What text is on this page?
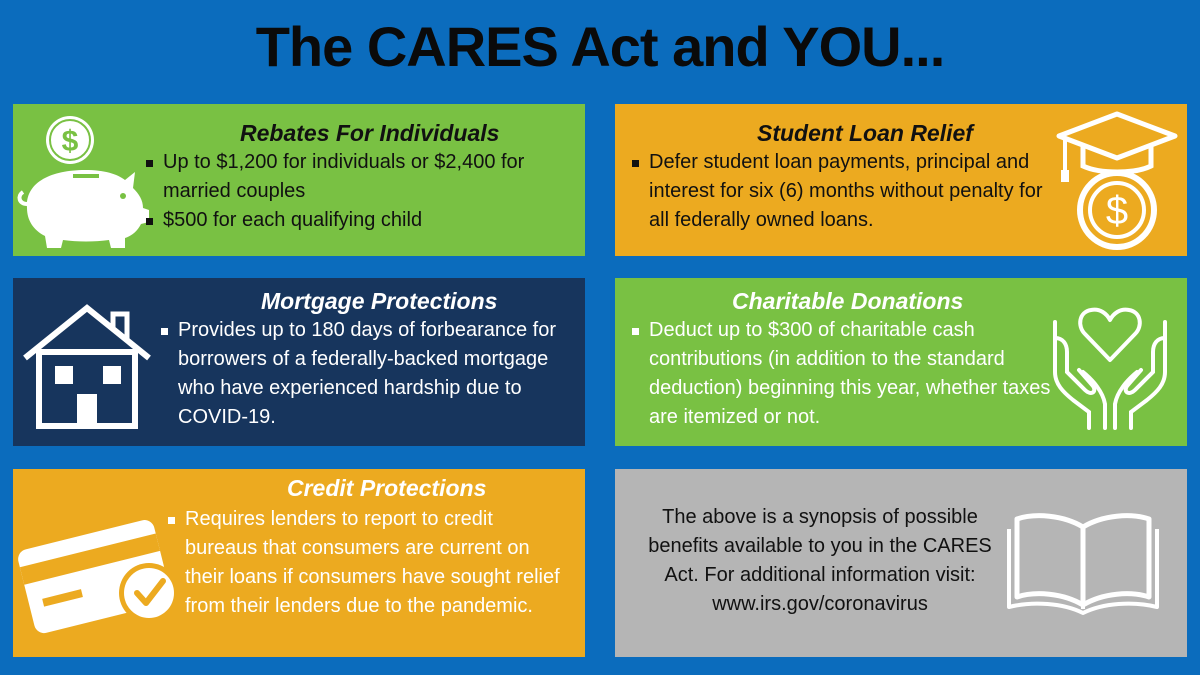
The CARES Act and YOU...
$	Rebates For Individuals
Up to $1,200 for individuals or $2,400 for married couples
$500 for each qualifying child
Student Loan Relief
Defer student loan payments, principal and interest for six (6) months without penalty for all federally owned loans.	$
Mortgage Protections
Provides up to 180 days of forbearance for borrowers of a federally-backed mortgage who have experienced hardship due to COVID-19.
Charitable Donations
Deduct up to $300 of charitable cash contributions (in addition to the standard deduction) beginning this year, whether taxes are itemized or not.
Credit Protections
Requires lenders to report to credit bureaus that consumers are current on their loans if consumers have sought relief from their lenders due to the pandemic.
The above is a synopsis of possible benefits available to you in the CARES Act. For additional information visit: www.irs.gov/coronavirus
